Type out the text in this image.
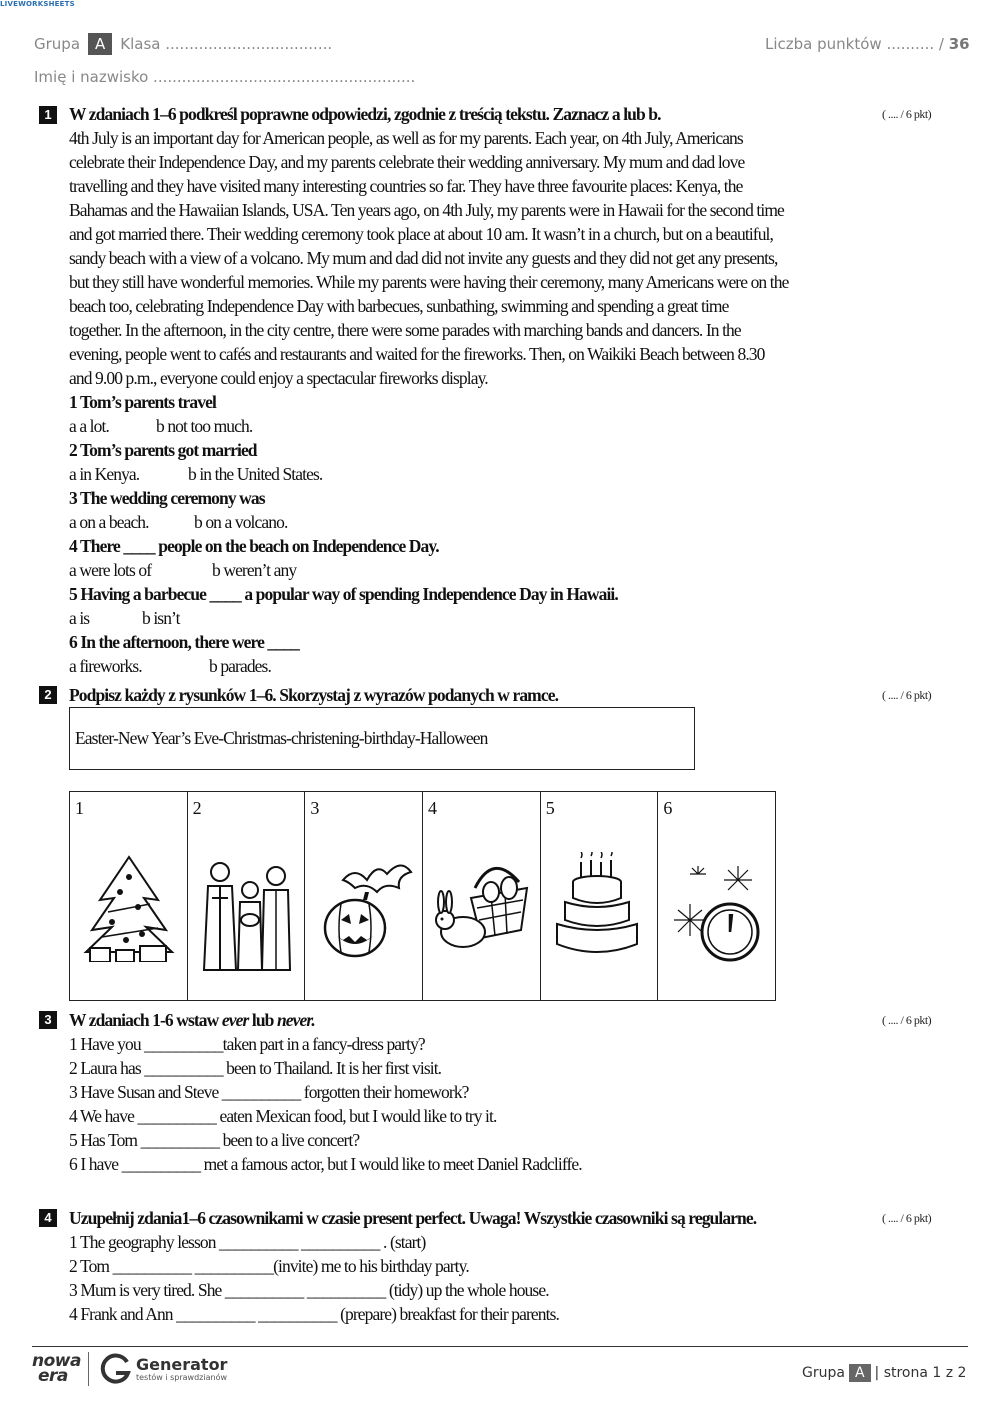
LIVEWORKSHEETS
Grupa A Klasa ...................................	Liczba punktów .......... / 36
Imię i nazwisko .......................................................
1 W zdaniach 1–6 podkreśl poprawne odpowiedzi, zgodnie z treścią tekstu. Zaznacz a lub b.	( .... / 6 pkt)
4th July is an important day for American people, as well as for my parents. Each year, on 4th July, Americans
celebrate their Independence Day, and my parents celebrate their wedding anniversary. My mum and dad love
travelling and they have visited many interesting countries so far. They have three favourite places: Kenya, the
Bahamas and the Hawaiian Islands, USA. Ten years ago, on 4th July, my parents were in Hawaii for the second time
and got married there. Their wedding ceremony took place at about 10 am. It wasn’t in a church, but on a beautiful,
sandy beach with a view of a volcano. My mum and dad did not invite any guests and they did not get any presents,
but they still have wonderful memories. While my parents were having their ceremony, many Americans were on the
beach too, celebrating Independence Day with barbecues, sunbathing, swimming and spending a great time
together. In the afternoon, in the city centre, there were some parades with marching bands and dancers. In the
evening, people went to cafés and restaurants and waited for the fireworks. Then, on Waikiki Beach between 8.30
and 9.00 p.m., everyone could enjoy a spectacular fireworks display.
1 Tom’s parents travel
a a lot.	b not too much.
2 Tom’s parents got married
a in Kenya.	b in the United States.
3 The wedding ceremony was
a on a beach.	b on a volcano.
4 There ____ people on the beach on Independence Day.
a were lots of	b weren’t any
5 Having a barbecue ____ a popular way of spending Independence Day in Hawaii.
a is	b isn’t
6 In the afternoon, there were ____
a fireworks.	b parades.
2 Podpisz każdy z rysunków 1–6. Skorzystaj z wyrazów podanych w ramce.	( .... / 6 pkt)
Easter-New Year’s Eve-Christmas-christening-birthday-Halloween
1	2	3	4	5	6
3 W zdaniach 1-6 wstaw ever lub never.	( .... / 6 pkt)
1 Have you __________taken part in a fancy-dress party?
2 Laura has __________ been to Thailand. It is her first visit.
3 Have Susan and Steve __________ forgotten their homework?
4 We have __________ eaten Mexican food, but I would like to try it.
5 Has Tom __________ been to a live concert?
6 I have __________ met a famous actor, but I would like to meet Daniel Radcliffe.
4 Uzupełnij zdania1–6 czasownikami w czasie present perfect. Uwaga! Wszystkie czasowniki są regularne.	( .... / 6 pkt)
1 The geography lesson __________ __________ . (start)
2 Tom __________ __________(invite) me to his birthday party.
3 Mum is very tired. She __________ __________ (tidy) up the whole house.
4 Frank and Ann __________ __________ (prepare) breakfast for their parents.
nowa
era
Generator
testów i sprawdzianów	Grupa A | strona 1 z 2
